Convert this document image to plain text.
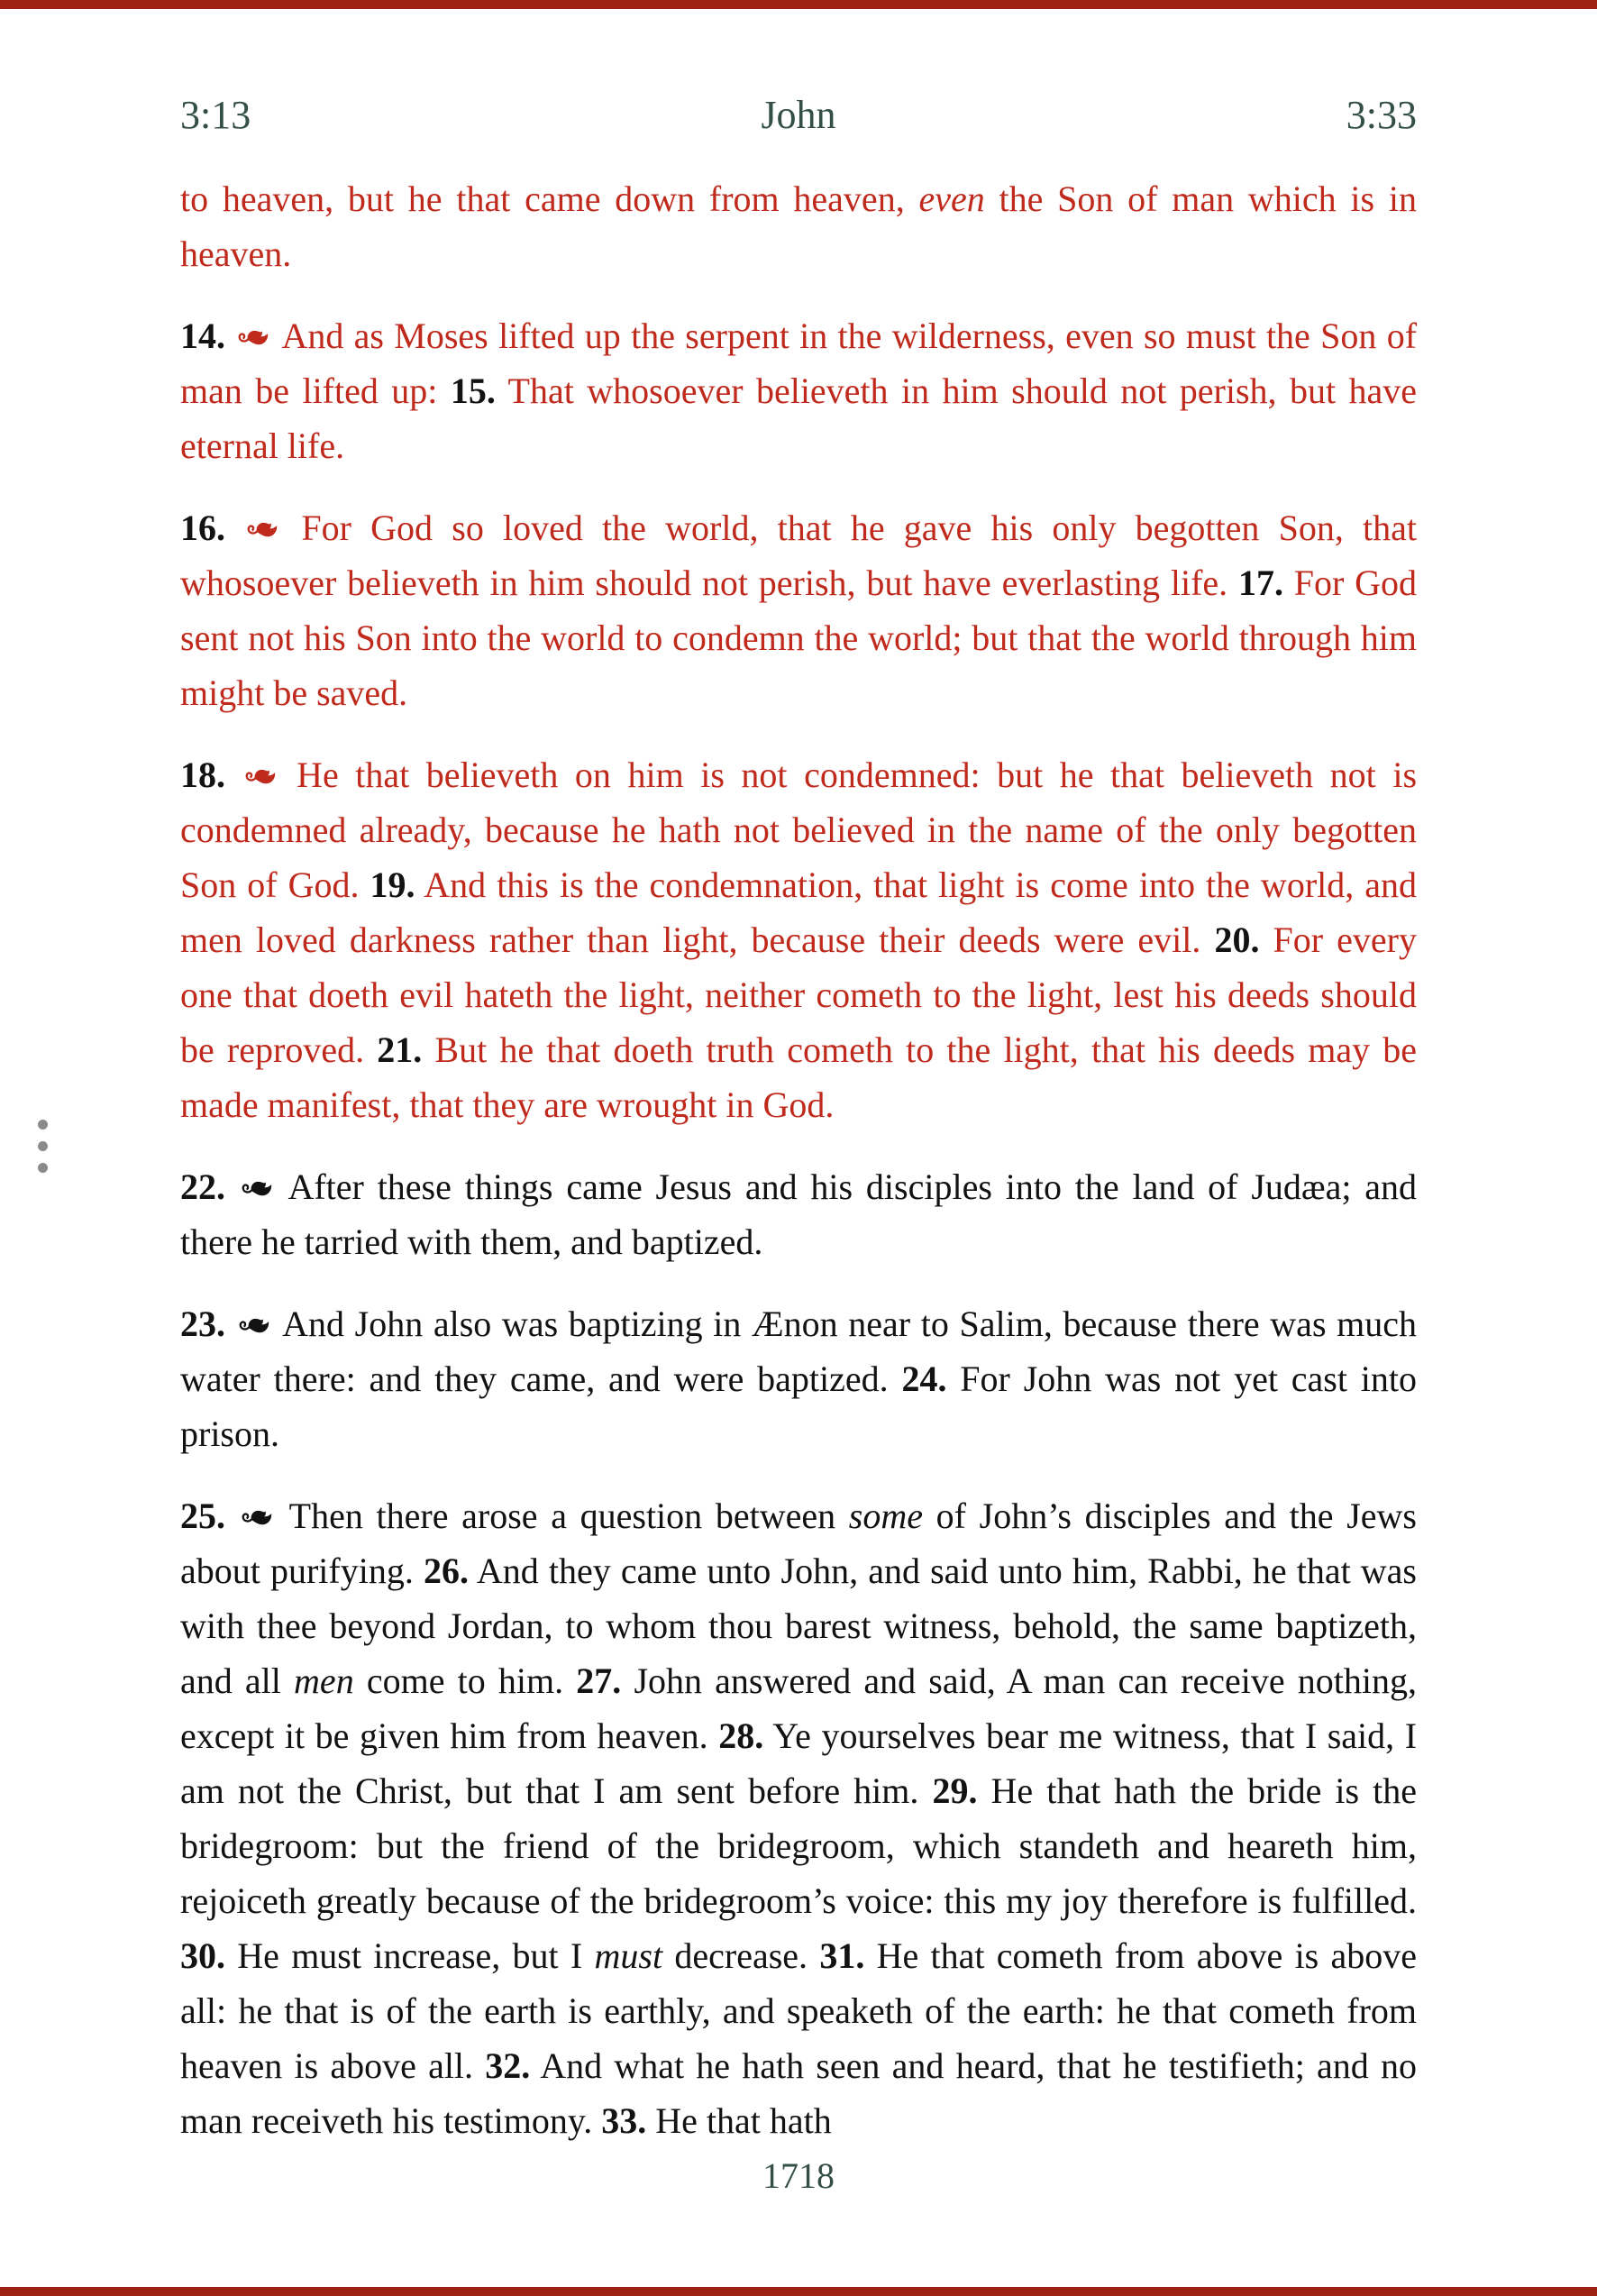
3:13	John	3:33

to heaven, but he that came down from heaven, even the Son of man which is in heaven.

14. And as Moses lifted up the serpent in the wilderness, even so must the Son of man be lifted up: 15. That whosoever believeth in him should not perish, but have eternal life.

16. For God so loved the world, that he gave his only begotten Son, that whosoever believeth in him should not perish, but have everlasting life. 17. For God sent not his Son into the world to condemn the world; but that the world through him might be saved.

18. He that believeth on him is not condemned: but he that believeth not is condemned already, because he hath not believed in the name of the only begotten Son of God. 19. And this is the condemnation, that light is come into the world, and men loved darkness rather than light, because their deeds were evil. 20. For every one that doeth evil hateth the light, neither cometh to the light, lest his deeds should be reproved. 21. But he that doeth truth cometh to the light, that his deeds may be made manifest, that they are wrought in God.

22. After these things came Jesus and his disciples into the land of Judæa; and there he tarried with them, and baptized.

23. And John also was baptizing in Ænon near to Salim, because there was much water there: and they came, and were baptized. 24. For John was not yet cast into prison.

25. Then there arose a question between some of John’s disciples and the Jews about purifying. 26. And they came unto John, and said unto him, Rabbi, he that was with thee beyond Jordan, to whom thou barest witness, behold, the same baptizeth, and all men come to him. 27. John answered and said, A man can receive nothing, except it be given him from heaven. 28. Ye yourselves bear me witness, that I said, I am not the Christ, but that I am sent before him. 29. He that hath the bride is the bridegroom: but the friend of the bridegroom, which standeth and heareth him, rejoiceth greatly because of the bridegroom’s voice: this my joy therefore is fulfilled. 30. He must increase, but I must decrease. 31. He that cometh from above is above all: he that is of the earth is earthly, and speaketh of the earth: he that cometh from heaven is above all. 32. And what he hath seen and heard, that he testifieth; and no man receiveth his testimony. 33. He that hath

1718
